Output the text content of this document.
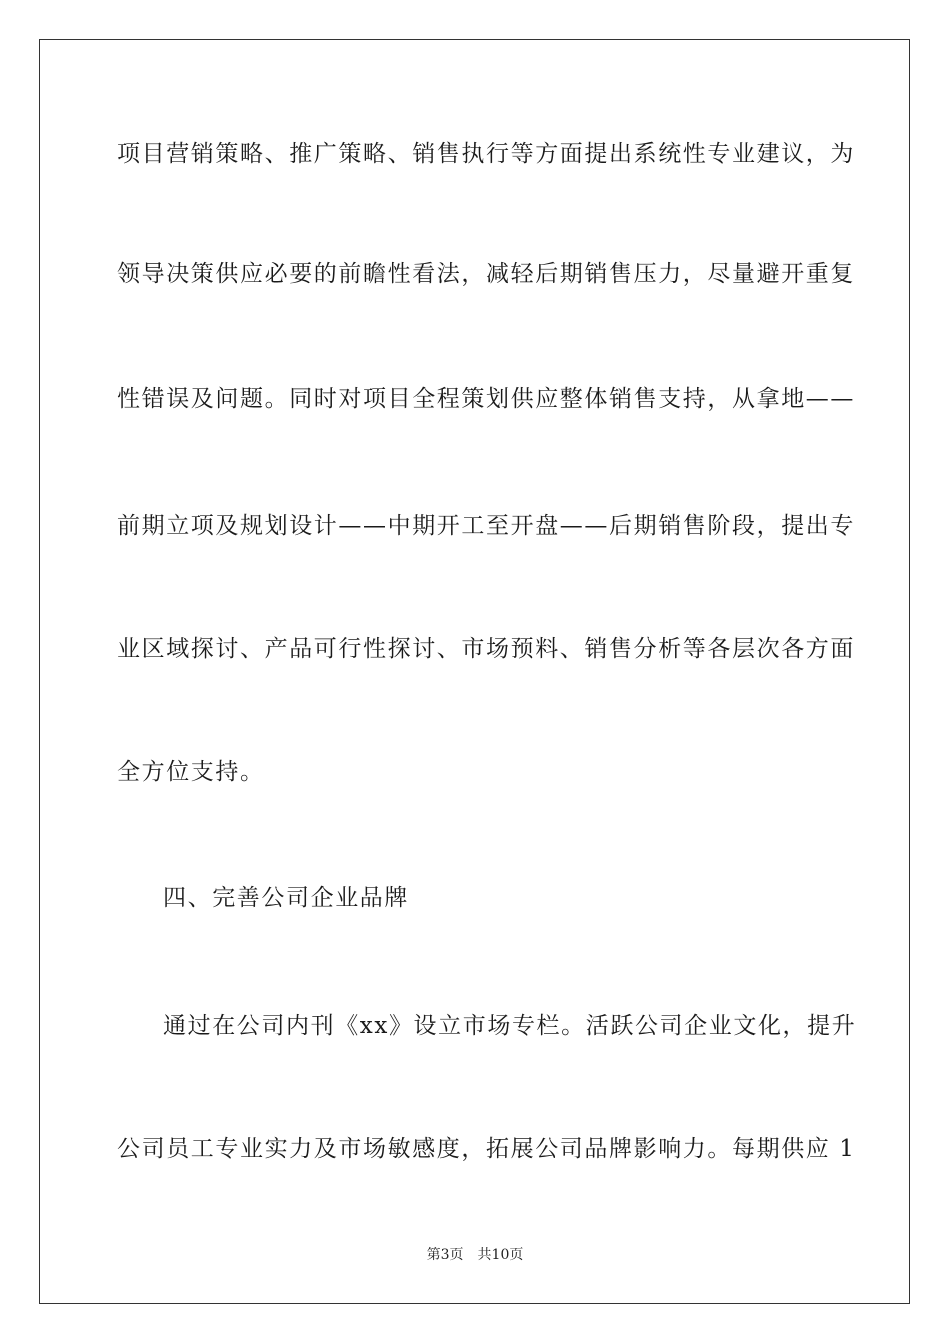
项目营销策略、推广策略、销售执行等方面提出系统性专业建议，为
领导决策供应必要的前瞻性看法，减轻后期销售压力，尽量避开重复
性错误及问题。同时对项目全程策划供应整体销售支持，从拿地——
前期立项及规划设计——中期开工至开盘——后期销售阶段，提出专
业区域探讨、产品可行性探讨、市场预料、销售分析等各层次各方面
全方位支持。
四、完善公司企业品牌
通过在公司内刊《xx》设立市场专栏。活跃公司企业文化，提升
公司员工专业实力及市场敏感度，拓展公司品牌影响力。每期供应 1
第3页 共10页
